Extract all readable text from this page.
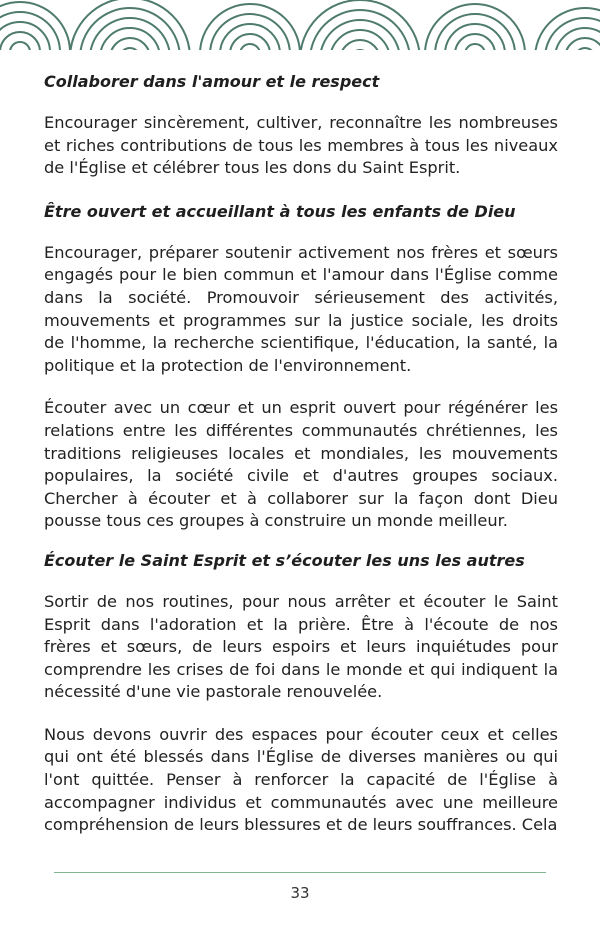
Collaborer dans l'amour et le respect

Encourager sincèrement, cultiver, reconnaître les nombreuses et riches contributions de tous les membres à tous les niveaux de l'Église et célébrer tous les dons du Saint Esprit.

Être ouvert et accueillant à tous les enfants de Dieu

Encourager, préparer soutenir activement nos frères et sœurs engagés pour le bien commun et l'amour dans l'Église comme dans la société. Promouvoir sérieusement des activités, mouvements et programmes sur la justice sociale, les droits de l'homme, la recherche scientifique, l'éducation, la santé, la politique et la protection de l'environnement.

Écouter avec un cœur et un esprit ouvert pour régénérer les relations entre les différentes communautés chrétiennes, les traditions religieuses locales et mondiales, les mouvements populaires, la société civile et d'autres groupes sociaux. Chercher à écouter et à collaborer sur la façon dont Dieu pousse tous ces groupes à construire un monde meilleur.

Écouter le Saint Esprit et s’écouter les uns les autres

Sortir de nos routines, pour nous arrêter et écouter le Saint Esprit dans l'adoration et la prière. Être à l'écoute de nos frères et sœurs, de leurs espoirs et leurs inquiétudes pour comprendre les crises de foi dans le monde et qui indiquent la nécessité d'une vie pastorale renouvelée.

Nous devons ouvrir des espaces pour écouter ceux et celles qui ont été blessés dans l'Église de diverses manières ou qui l'ont quittée. Penser à renforcer la capacité de l'Église à accompagner individus et communautés avec une meilleure compréhension de leurs blessures et de leurs souffrances. Cela

33
